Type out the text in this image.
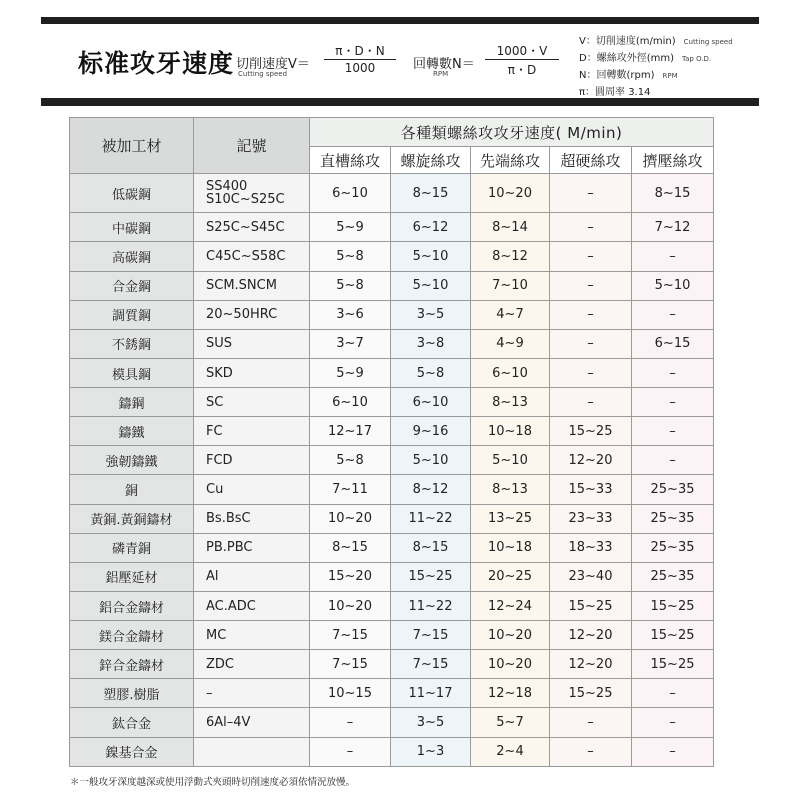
标准攻牙速度 切削速度V＝
Cutting speed
π・D・N
1000	回轉數N＝
RPM
1000・V
π・D
V：切削速度(m/min) Cutting speed
D：螺絲攻外徑(mm) Tap O.D.
N：回轉數(rpm) RPM
π：圓周率 3.14
被加工材	記號	各種類螺絲攻攻牙速度( M/min)				
		直槽絲攻	螺旋絲攻	先端絲攻	超硬絲攻	擠壓絲攻
低碳鋼	SS400
S10C~S25C	6~10	8~15	10~20	–	8~15
中碳鋼	S25C~S45C	5~9	6~12	8~14	–	7~12
高碳鋼	C45C~S58C	5~8	5~10	8~12	–	–
合金鋼	SCM.SNCM	5~8	5~10	7~10	–	5~10
調質鋼	20~50HRC	3~6	3~5	4~7	–	–
不銹鋼	SUS	3~7	3~8	4~9	–	6~15
模具鋼	SKD	5~9	5~8	6~10	–	–
鑄鋼	SC	6~10	6~10	8~13	–	–
鑄鐵	FC	12~17	9~16	10~18	15~25	–
強韌鑄鐵	FCD	5~8	5~10	5~10	12~20	–
銅	Cu	7~11	8~12	8~13	15~33	25~35
黃銅.黃銅鑄材	Bs.BsC	10~20	11~22	13~25	23~33	25~35
磷青銅	PB.PBC	8~15	8~15	10~18	18~33	25~35
鋁壓延材	Al	15~20	15~25	20~25	23~40	25~35
鋁合金鑄材	AC.ADC	10~20	11~22	12~24	15~25	15~25
鎂合金鑄材	MC	7~15	7~15	10~20	12~20	15~25
鋅合金鑄材	ZDC	7~15	7~15	10~20	12~20	15~25
塑膠.樹脂	–	10~15	11~17	12~18	15~25	–
鈦合金	6Al–4V	–	3~5	5~7	–	–
鎳基合金		–	1~3	2~4	–	–
＊一般攻牙深度越深或使用浮動式夾頭時切削速度必須依情況放慢。
